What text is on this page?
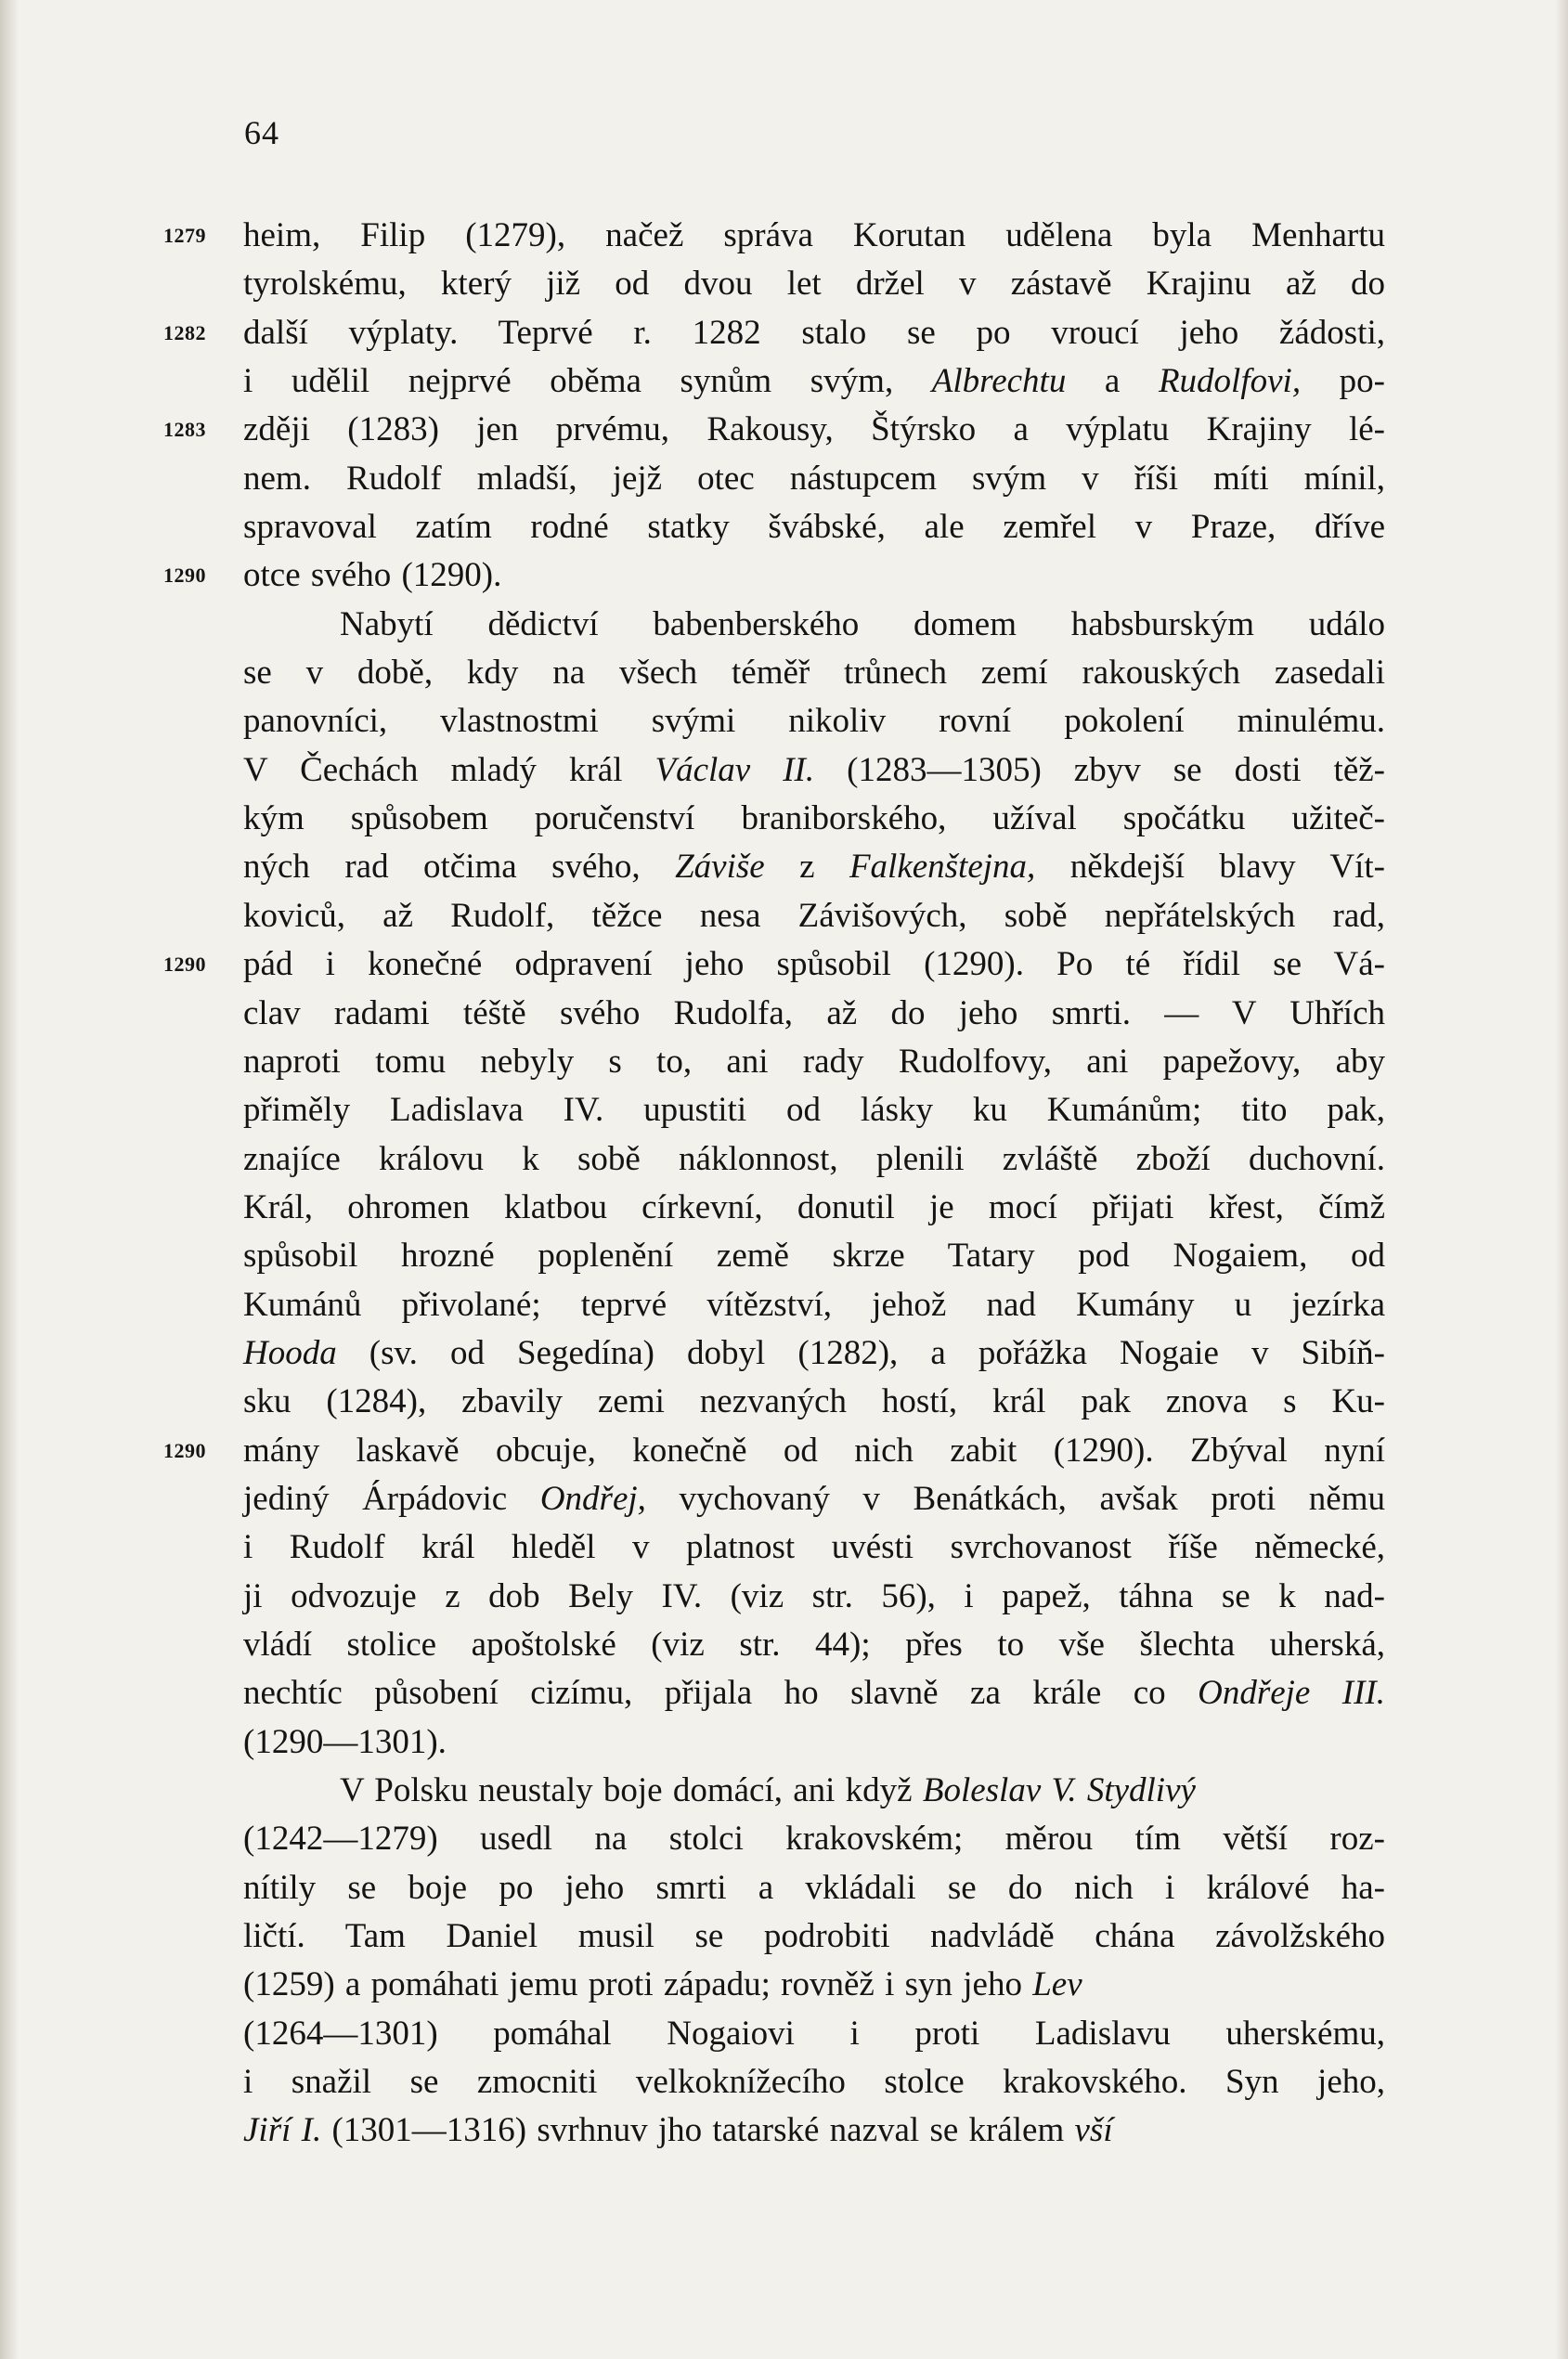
64
1279	heim, Filip (1279), načež správa Korutan udělena byla Menhartu
tyrolskému, který již od dvou let držel v zástavě Krajinu až do
1282	další výplaty. Teprvé r. 1282 stalo se po vroucí jeho žádosti,
i udělil nejprvé oběma synům svým, Albrechtu a Rudolfovi, po-
1283	zději (1283) jen prvému, Rakousy, Štýrsko a výplatu Krajiny lé-
nem. Rudolf mladší, jejž otec nástupcem svým v říši míti mínil,
spravoval zatím rodné statky švábské, ale zemřel v Praze, dříve
1290	otce svého (1290).
Nabytí dědictví babenberského domem habsburským událo
se v době, kdy na všech téměř trůnech zemí rakouských zasedali
panovníci, vlastnostmi svými nikoliv rovní pokolení minulému.
V Čechách mladý král Václav II. (1283—1305) zbyv se dosti těž-
kým spůsobem poručenství braniborského, užíval spočátku užiteč-
ných rad otčima svého, Záviše z Falkenštejna, někdejší blavy Vít-
koviců, až Rudolf, těžce nesa Závišových, sobě nepřátelských rad,
1290	pád i konečné odpravení jeho spůsobil (1290). Po té řídil se Vá-
clav radami téště svého Rudolfa, až do jeho smrti. — V Uhřích
naproti tomu nebyly s to, ani rady Rudolfovy, ani papežovy, aby
přiměly Ladislava IV. upustiti od lásky ku Kumánům; tito pak,
znajíce královu k sobě náklonnost, plenili zvláště zboží duchovní.
Král, ohromen klatbou církevní, donutil je mocí přijati křest, čímž
spůsobil hrozné poplenění země skrze Tatary pod Nogaiem, od
Kumánů přivolané; teprvé vítězství, jehož nad Kumány u jezírka
Hooda (sv. od Segedína) dobyl (1282), a pořážka Nogaie v Sibíň-
sku (1284), zbavily zemi nezvaných hostí, král pak znova s Ku-
1290	mány laskavě obcuje, konečně od nich zabit (1290). Zbýval nyní
jediný Árpádovic Ondřej, vychovaný v Benátkách, avšak proti němu
i Rudolf král hleděl v platnost uvésti svrchovanost říše německé,
ji odvozuje z dob Bely IV. (viz str. 56), i papež, táhna se k nad-
vládí stolice apoštolské (viz str. 44); přes to vše šlechta uherská,
nechtíc působení cizímu, přijala ho slavně za krále co Ondřeje III.
(1290—1301).
V Polsku neustaly boje domácí, ani když Boleslav V. Stydlivý
(1242—1279) usedl na stolci krakovském; měrou tím větší roz-
nítily se boje po jeho smrti a vkládali se do nich i králové ha-
ličtí. Tam Daniel musil se podrobiti nadvládě chána závolžského
(1259) a pomáhati jemu proti západu; rovněž i syn jeho Lev
(1264—1301) pomáhal Nogaiovi i proti Ladislavu uherskému,
i snažil se zmocniti velkoknížecího stolce krakovského. Syn jeho,
Jiří I. (1301—1316) svrhnuv jho tatarské nazval se králem vší
